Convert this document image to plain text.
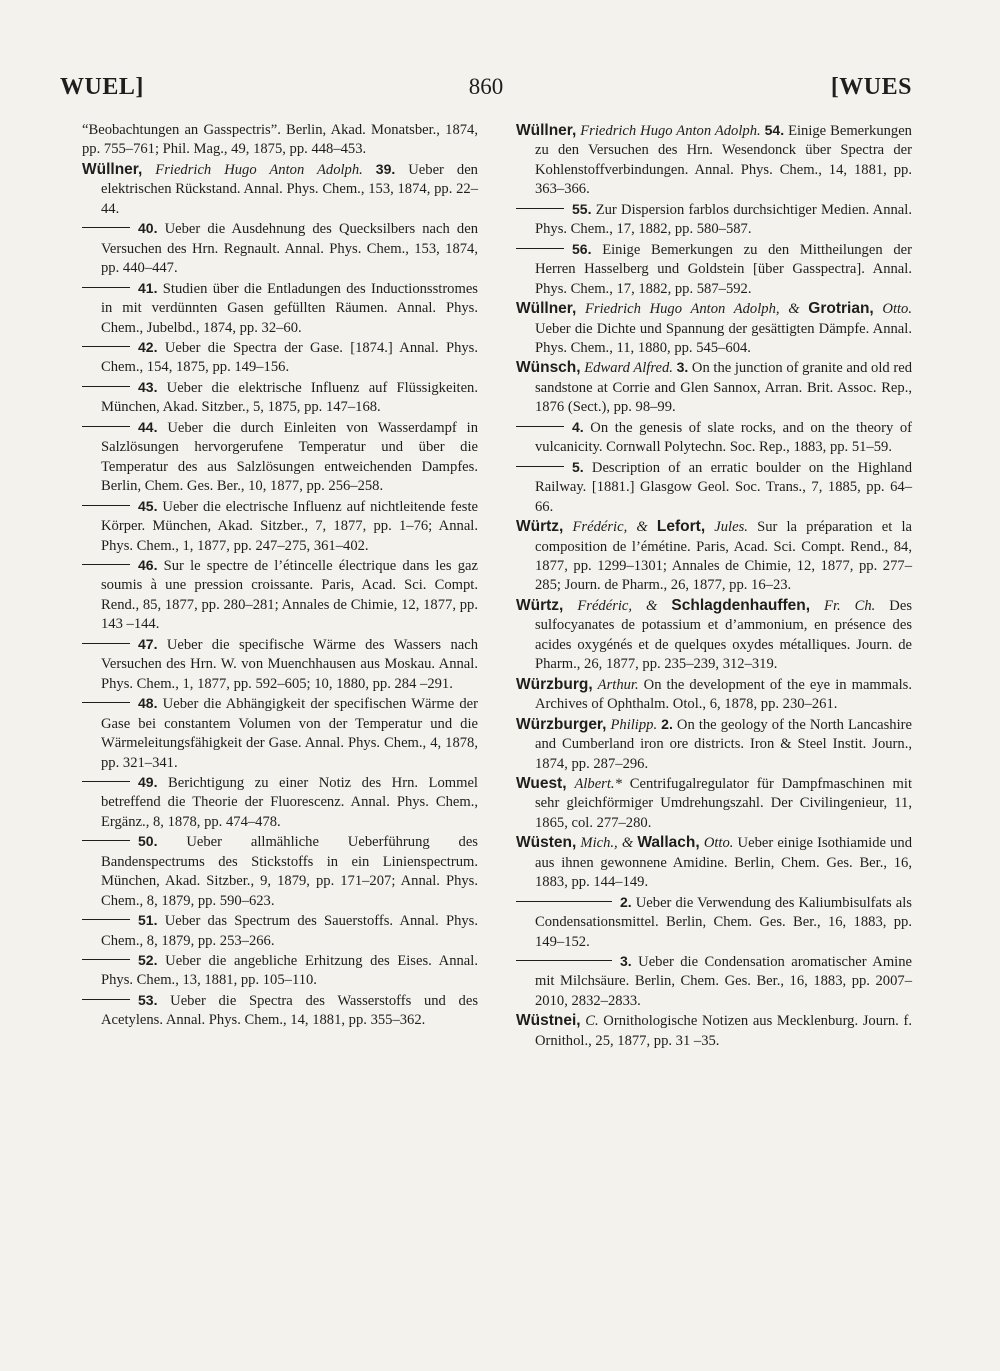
WUEL]	860	[WUES
“Beobachtungen an Gasspectris”. Berlin, Akad. Monatsber., 1874, pp. 755–761; Phil. Mag., 49, 1875, pp. 448–453.
Wüllner, Friedrich Hugo Anton Adolph. 39. Ueber den elektrischen Rückstand. Annal. Phys. Chem., 153, 1874, pp. 22–44.
40. Ueber die Ausdehnung des Quecksilbers nach den Versuchen des Hrn. Regnault. Annal. Phys. Chem., 153, 1874, pp. 440–447.
41. Studien über die Entladungen des Inductionsstromes in mit verdünnten Gasen gefüllten Räumen. Annal. Phys. Chem., Jubelbd., 1874, pp. 32–60.
42. Ueber die Spectra der Gase. [1874.] Annal. Phys. Chem., 154, 1875, pp. 149–156.
43. Ueber die elektrische Influenz auf Flüssigkeiten. München, Akad. Sitzber., 5, 1875, pp. 147–168.
44. Ueber die durch Einleiten von Wasserdampf in Salzlösungen hervorgerufene Temperatur und über die Temperatur des aus Salzlösungen entweichenden Dampfes. Berlin, Chem. Ges. Ber., 10, 1877, pp. 256–258.
45. Ueber die electrische Influenz auf nichtleitende feste Körper. München, Akad. Sitzber., 7, 1877, pp. 1–76; Annal. Phys. Chem., 1, 1877, pp. 247–275, 361–402.
46. Sur le spectre de l’étincelle électrique dans les gaz soumis à une pression croissante. Paris, Acad. Sci. Compt. Rend., 85, 1877, pp. 280–281; Annales de Chimie, 12, 1877, pp. 143 –144.
47. Ueber die specifische Wärme des Wassers nach Versuchen des Hrn. W. von Muenchhausen aus Moskau. Annal. Phys. Chem., 1, 1877, pp. 592–605; 10, 1880, pp. 284 –291.
48. Ueber die Abhängigkeit der specifischen Wärme der Gase bei constantem Volumen von der Temperatur und die Wärmeleitungsfähigkeit der Gase. Annal. Phys. Chem., 4, 1878, pp. 321–341.
49. Berichtigung zu einer Notiz des Hrn. Lommel betreffend die Theorie der Fluorescenz. Annal. Phys. Chem., Ergänz., 8, 1878, pp. 474–478.
50. Ueber allmähliche Ueberführung des Bandenspectrums des Stickstoffs in ein Linienspectrum. München, Akad. Sitzber., 9, 1879, pp. 171–207; Annal. Phys. Chem., 8, 1879, pp. 590–623.
51. Ueber das Spectrum des Sauerstoffs. Annal. Phys. Chem., 8, 1879, pp. 253–266.
52. Ueber die angebliche Erhitzung des Eises. Annal. Phys. Chem., 13, 1881, pp. 105–110.
53. Ueber die Spectra des Wasserstoffs und des Acetylens. Annal. Phys. Chem., 14, 1881, pp. 355–362.
Wüllner, Friedrich Hugo Anton Adolph. 54. Einige Bemerkungen zu den Versuchen des Hrn. Wesendonck über Spectra der Kohlenstoffverbindungen. Annal. Phys. Chem., 14, 1881, pp. 363–366.
55. Zur Dispersion farblos durchsichtiger Medien. Annal. Phys. Chem., 17, 1882, pp. 580–587.
56. Einige Bemerkungen zu den Mittheilungen der Herren Hasselberg und Goldstein [über Gasspectra]. Annal. Phys. Chem., 17, 1882, pp. 587–592.
Wüllner, Friedrich Hugo Anton Adolph, & Grotrian, Otto. Ueber die Dichte und Spannung der gesättigten Dämpfe. Annal. Phys. Chem., 11, 1880, pp. 545–604.
Wünsch, Edward Alfred. 3. On the junction of granite and old red sandstone at Corrie and Glen Sannox, Arran. Brit. Assoc. Rep., 1876 (Sect.), pp. 98–99.
4. On the genesis of slate rocks, and on the theory of vulcanicity. Cornwall Polytechn. Soc. Rep., 1883, pp. 51–59.
5. Description of an erratic boulder on the Highland Railway. [1881.] Glasgow Geol. Soc. Trans., 7, 1885, pp. 64–66.
Würtz, Frédéric, & Lefort, Jules. Sur la préparation et la composition de l’émétine. Paris, Acad. Sci. Compt. Rend., 84, 1877, pp. 1299–1301; Annales de Chimie, 12, 1877, pp. 277–285; Journ. de Pharm., 26, 1877, pp. 16–23.
Würtz, Frédéric, & Schlagdenhauffen, Fr. Ch. Des sulfocyanates de potassium et d’ammonium, en présence des acides oxygénés et de quelques oxydes métalliques. Journ. de Pharm., 26, 1877, pp. 235–239, 312–319.
Würzburg, Arthur. On the development of the eye in mammals. Archives of Ophthalm. Otol., 6, 1878, pp. 230–261.
Würzburger, Philipp. 2. On the geology of the North Lancashire and Cumberland iron ore districts. Iron & Steel Instit. Journ., 1874, pp. 287–296.
Wuest, Albert.* Centrifugalregulator für Dampfmaschinen mit sehr gleichförmiger Umdrehungszahl. Der Civilingenieur, 11, 1865, col. 277–280.
Wüsten, Mich., & Wallach, Otto. Ueber einige Isothiamide und aus ihnen gewonnene Amidine. Berlin, Chem. Ges. Ber., 16, 1883, pp. 144–149.
2. Ueber die Verwendung des Kaliumbisulfats als Condensationsmittel. Berlin, Chem. Ges. Ber., 16, 1883, pp. 149–152.
3. Ueber die Condensation aromatischer Amine mit Milchsäure. Berlin, Chem. Ges. Ber., 16, 1883, pp. 2007–2010, 2832–2833.
Wüstnei, C. Ornithologische Notizen aus Mecklenburg. Journ. f. Ornithol., 25, 1877, pp. 31 –35.
